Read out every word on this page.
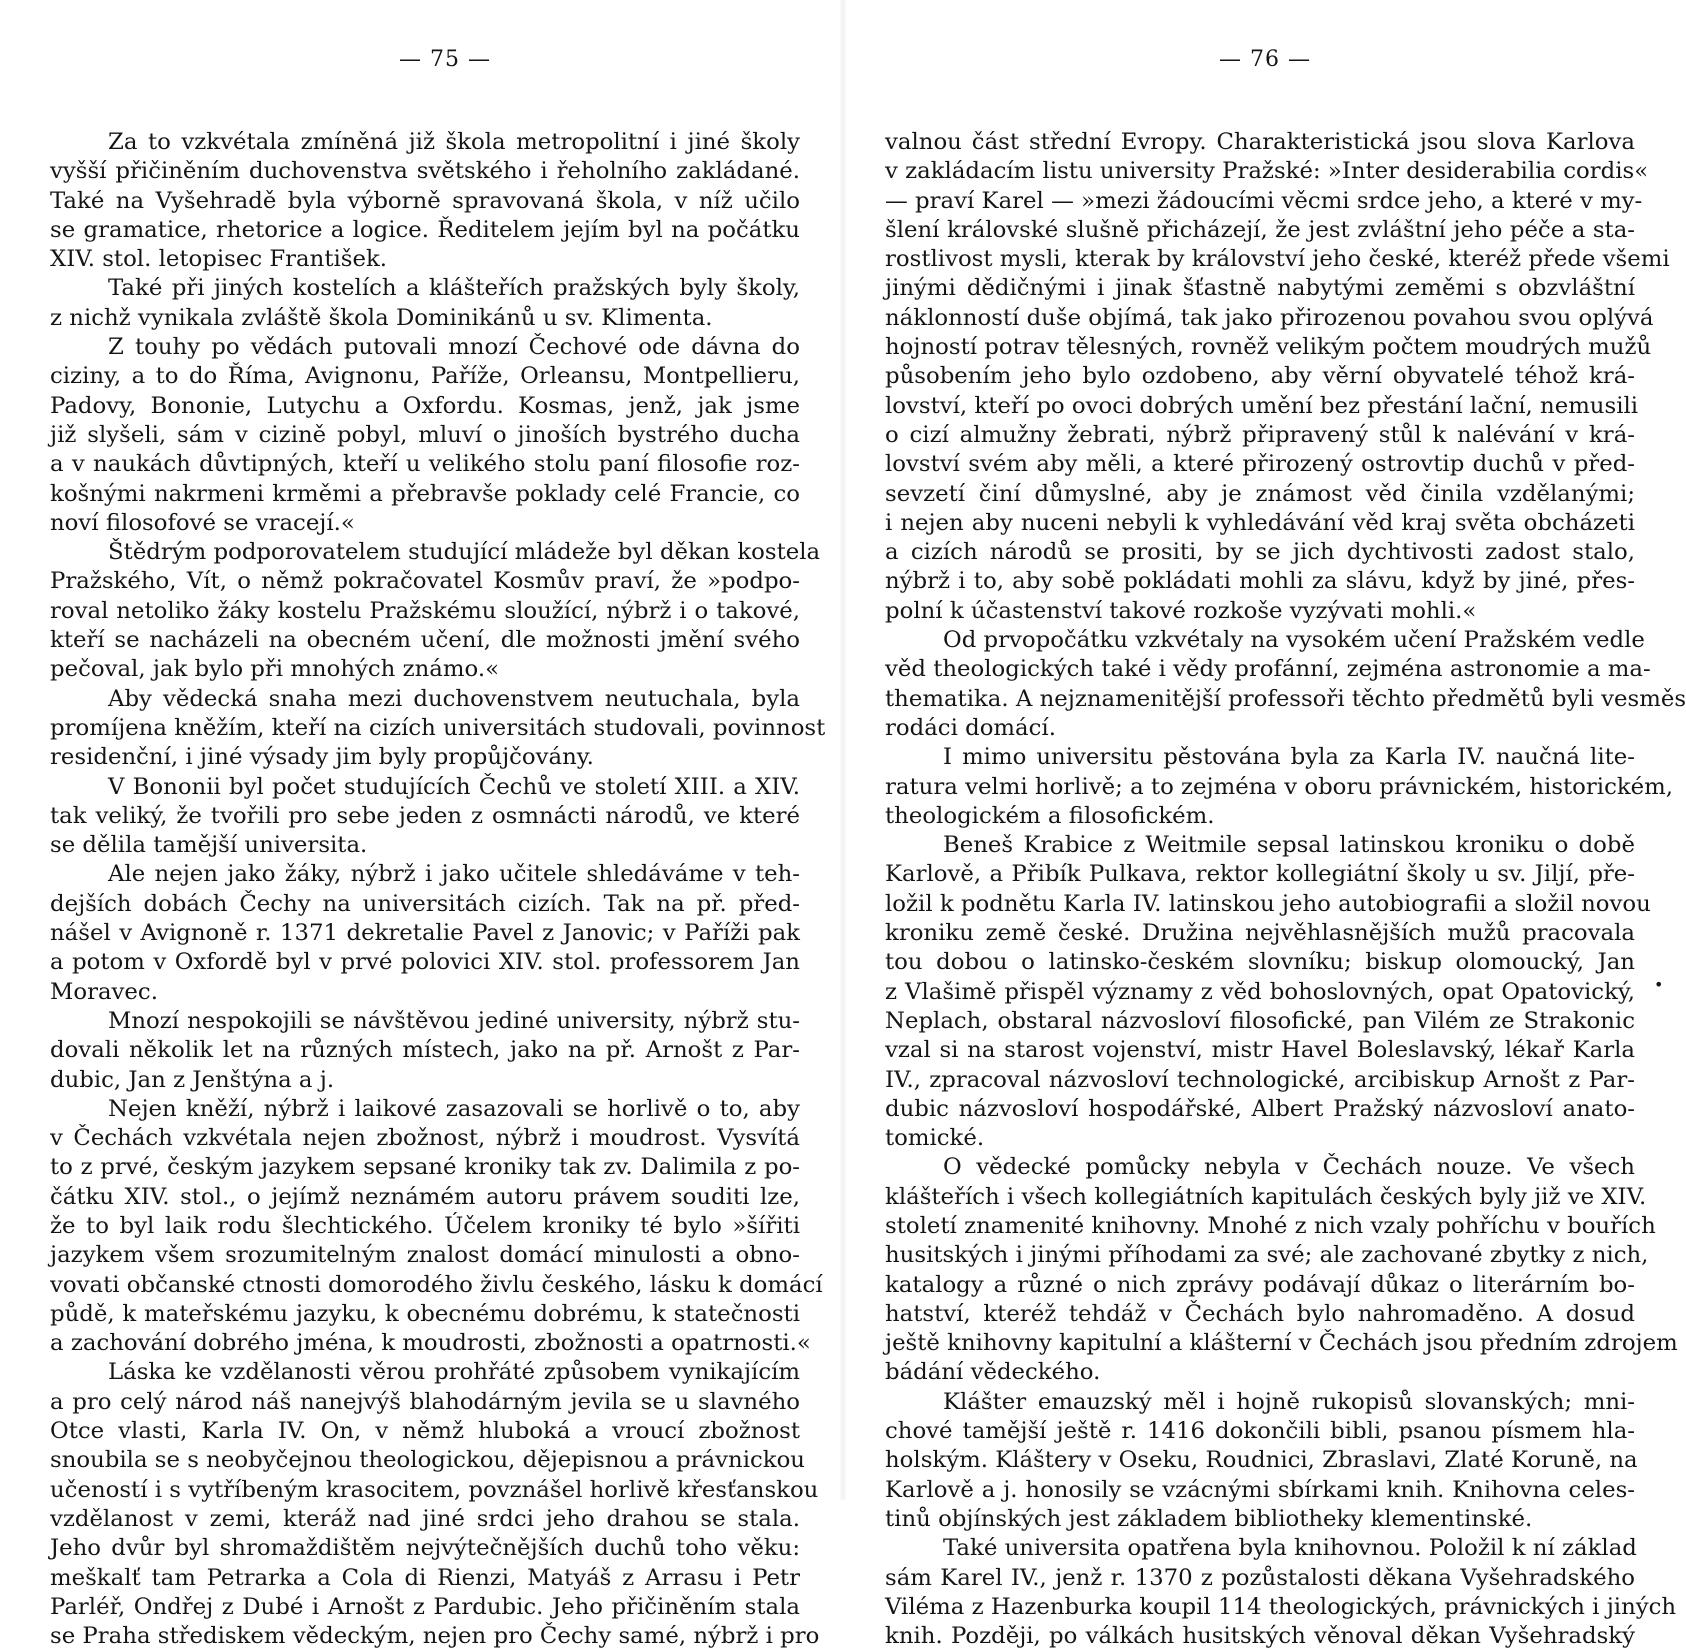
— 75 —
Za to vzkvétala zmíněná již škola metropolitní i jiné školy
vyšší přičiněním duchovenstva světského i řeholního zakládané.
Také na Vyšehradě byla výborně spravovaná škola, v níž učilo
se gramatice, rhetorice a logice. Ředitelem jejím byl na počátku
XIV. stol. letopisec František.
Také při jiných kostelích a klášteřích pražských byly školy,
z nichž vynikala zvláště škola Dominikánů u sv. Klimenta.
Z touhy po vědách putovali mnozí Čechové ode dávna do
ciziny, a to do Říma, Avignonu, Paříže, Orleansu, Montpellieru,
Padovy, Bononie, Lutychu a Oxfordu. Kosmas, jenž, jak jsme
již slyšeli, sám v cizině pobyl, mluví o jinoších bystrého ducha
a v naukách důvtipných, kteří u velikého stolu paní filosofie roz-
košnými nakrmeni krměmi a přebravše poklady celé Francie, co
noví filosofové se vracejí.«
Štědrým podporovatelem studující mládeže byl děkan kostela
Pražského, Vít, o němž pokračovatel Kosmův praví, že »podpo-
roval netoliko žáky kostelu Pražskému sloužící, nýbrž i o takové,
kteří se nacházeli na obecném učení, dle možnosti jmění svého
pečoval, jak bylo při mnohých známo.«
Aby vědecká snaha mezi duchovenstvem neutuchala, byla
promíjena kněžím, kteří na cizích universitách studovali, povinnost
residenční, i jiné výsady jim byly propůjčovány.
V Bononii byl počet studujících Čechů ve století XIII. a XIV.
tak veliký, že tvořili pro sebe jeden z osmnácti národů, ve které
se dělila tamější universita.
Ale nejen jako žáky, nýbrž i jako učitele shledáváme v teh-
dejších dobách Čechy na universitách cizích. Tak na př. před-
nášel v Avignoně r. 1371 dekretalie Pavel z Janovic; v Paříži pak
a potom v Oxfordě byl v prvé polovici XIV. stol. professorem Jan
Moravec.
Mnozí nespokojili se návštěvou jediné university, nýbrž stu-
dovali několik let na různých místech, jako na př. Arnošt z Par-
dubic, Jan z Jenštýna a j.
Nejen kněží, nýbrž i laikové zasazovali se horlivě o to, aby
v Čechách vzkvétala nejen zbožnost, nýbrž i moudrost. Vysvítá
to z prvé, českým jazykem sepsané kroniky tak zv. Dalimila z po-
čátku XIV. stol., o jejímž neznámém autoru právem souditi lze,
že to byl laik rodu šlechtického. Účelem kroniky té bylo »šířiti
jazykem všem srozumitelným znalost domácí minulosti a obno-
vovati občanské ctnosti domorodého živlu českého, lásku k domácí
půdě, k mateřskému jazyku, k obecnému dobrému, k statečnosti
a zachování dobrého jména, k moudrosti, zbožnosti a opatrnosti.«
Láska ke vzdělanosti věrou prohřáté způsobem vynikajícím
a pro celý národ náš nanejvýš blahodárným jevila se u slavného
Otce vlasti, Karla IV. On, v němž hluboká a vroucí zbožnost
snoubila se s neobyčejnou theologickou, dějepisnou a právnickou
učeností i s vytříbeným krasocitem, povznášel horlivě křesťanskou
vzdělanost v zemi, kteráž nad jiné srdci jeho drahou se stala.
Jeho dvůr byl shromaždištěm nejvýtečnějších duchů toho věku:
meškalť tam Petrarka a Cola di Rienzi, Matyáš z Arrasu i Petr
Parléř, Ondřej z Dubé i Arnošt z Pardubic. Jeho přičiněním stala
se Praha střediskem vědeckým, nejen pro Čechy samé, nýbrž i pro
— 76 —
valnou část střední Evropy. Charakteristická jsou slova Karlova
v zakládacím listu university Pražské: »Inter desiderabilia cordis«
— praví Karel — »mezi žádoucími věcmi srdce jeho, a které v my-
šlení královské slušně přicházejí, že jest zvláštní jeho péče a sta-
rostlivost mysli, kterak by království jeho české, kteréž přede všemi
jinými dědičnými i jinak šťastně nabytými zeměmi s obzvláštní
náklonností duše objímá, tak jako přirozenou povahou svou oplývá
hojností potrav tělesných, rovněž velikým počtem moudrých mužů
působením jeho bylo ozdobeno, aby věrní obyvatelé téhož krá-
lovství, kteří po ovoci dobrých umění bez přestání lační, nemusili
o cizí almužny žebrati, nýbrž připravený stůl k nalévání v krá-
lovství svém aby měli, a které přirozený ostrovtip duchů v před-
sevzetí činí důmyslné, aby je známost věd činila vzdělanými;
i nejen aby nuceni nebyli k vyhledávání věd kraj světa obcházeti
a cizích národů se prositi, by se jich dychtivosti zadost stalo,
nýbrž i to, aby sobě pokládati mohli za slávu, když by jiné, přes-
polní k účastenství takové rozkoše vyzývati mohli.«
Od prvopočátku vzkvétaly na vysokém učení Pražském vedle
věd theologických také i vědy profánní, zejména astronomie a ma-
thematika. A nejznamenitější professoři těchto předmětů byli vesměs
rodáci domácí.
I mimo universitu pěstována byla za Karla IV. naučná lite-
ratura velmi horlivě; a to zejména v oboru právnickém, historickém,
theologickém a filosofickém.
Beneš Krabice z Weitmile sepsal latinskou kroniku o době
Karlově, a Přibík Pulkava, rektor kollegiátní školy u sv. Jiljí, pře-
ložil k podnětu Karla IV. latinskou jeho autobiografii a složil novou
kroniku země české. Družina nejvěhlasnějších mužů pracovala
tou dobou o latinsko-českém slovníku; biskup olomoucký, Jan
z Vlašimě přispěl významy z věd bohoslovných, opat Opatovický,
Neplach, obstaral názvosloví filosofické, pan Vilém ze Strakonic
vzal si na starost vojenství, mistr Havel Boleslavský, lékař Karla
IV., zpracoval názvosloví technologické, arcibiskup Arnošt z Par-
dubic názvosloví hospodářské, Albert Pražský názvosloví anato-
tomické.
O vědecké pomůcky nebyla v Čechách nouze. Ve všech
klášteřích i všech kollegiátních kapitulách českých byly již ve XIV.
století znamenité knihovny. Mnohé z nich vzaly pohříchu v bouřích
husitských i jinými příhodami za své; ale zachované zbytky z nich,
katalogy a různé o nich zprávy podávají důkaz o literárním bo-
hatství, kteréž tehdáž v Čechách bylo nahromaděno. A dosud
ještě knihovny kapitulní a klášterní v Čechách jsou předním zdrojem
bádání vědeckého.
Klášter emauzský měl i hojně rukopisů slovanských; mni-
chové tamější ještě r. 1416 dokončili bibli, psanou písmem hla-
holským. Kláštery v Oseku, Roudnici, Zbraslavi, Zlaté Koruně, na
Karlově a j. honosily se vzácnými sbírkami knih. Knihovna celes-
tinů objínských jest základem bibliotheky klementinské.
Také universita opatřena byla knihovnou. Položil k ní základ
sám Karel IV., jenž r. 1370 z pozůstalosti děkana Vyšehradského
Viléma z Hazenburka koupil 114 theologických, právnických i jiných
knih. Později, po válkách husitských věnoval děkan Vyšehradský
•
